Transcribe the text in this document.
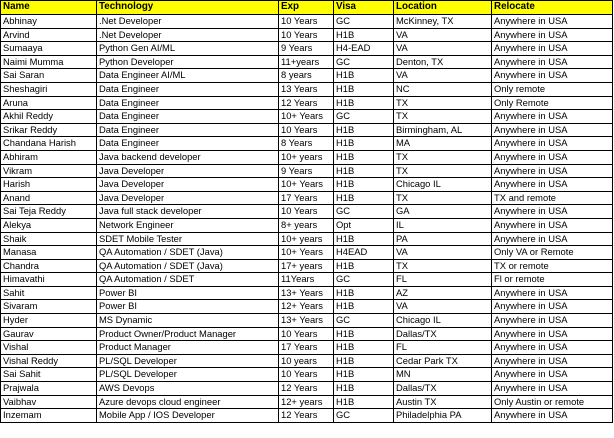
Name	Technology	Exp	Visa	Location	Relocate
Abhinay	.Net Developer	10 Years	GC	McKinney, TX	Anywhere in USA
Arvind	.Net Developer	10 Years	H1B	VA	Anywhere in USA
Sumaaya	Python Gen AI/ML	9 Years	H4-EAD	VA	Anywhere in USA
Naimi Mumma	Python Developer	11+years	GC	Denton, TX	Anywhere in USA
Sai Saran	Data Engineer AI/ML	8 years	H1B	VA	Anywhere in USA
Sheshagiri	Data Engineer	13 Years	H1B	NC	Only remote
Aruna	Data Engineer	12 Years	H1B	TX	Only Remote
Akhil Reddy	Data Engineer	10+ Years	GC	TX	Anywhere in USA
Srikar Reddy	Data Engineer	10 Years	H1B	Birmingham, AL	Anywhere in USA
Chandana Harish	Data Engineer	8 Years	H1B	MA	Anywhere in USA
Abhiram	Java backend developer	10+ years	H1B	TX	Anywhere in USA
Vikram	Java Developer	9 Years	H1B	TX	Anywhere in USA
Harish	Java Developer	10+ Years	H1B	Chicago IL	Anywhere in USA
Anand	Java Developer	17 Years	H1B	TX	TX and remote
Sai Teja Reddy	Java full stack developer	10 Years	GC	GA	Anywhere in USA
Alekya	Network Engineer	8+ years	Opt	IL	Anywhere in USA
Shaik	SDET Mobile Tester	10+ years	H1B	PA	Anywhere in USA
Manasa	QA Automation / SDET (Java)	10+ Years	H4EAD	VA	Only VA or Remote
Chandra	QA Automation / SDET (Java)	17+ years	H1B	TX	TX or remote
Himavathi	QA Automation / SDET	11Years	GC	FL	Fl or remote
Sahit	Power BI	13+ Years	H1B	AZ	Anywhere in USA
Sivaram	Power BI	12+ Years	H1B	VA	Anywhere in USA
Hyder	MS Dynamic	13+ Years	GC	Chicago IL	Anywhere in USA
Gaurav	Product Owner/Product Manager	10 Years	H1B	Dallas/TX	Anywhere in USA
Vishal	Product Manager	17 Years	H1B	FL	Anywhere in USA
Vishal Reddy	PL/SQL Developer	10 years	H1B	Cedar Park TX	Anywhere in USA
Sai Sahit	PL/SQL Developer	10 Years	H1B	MN	Anywhere in USA
Prajwala	AWS Devops	12 Years	H1B	Dallas/TX	Anywhere in USA
Vaibhav	Azure devops cloud engineer	12+ years	H1B	Austin TX	Only Austin or remote
Inzemam	Mobile App / IOS Developer	12 Years	GC	Philadelphia PA	Anywhere in USA
